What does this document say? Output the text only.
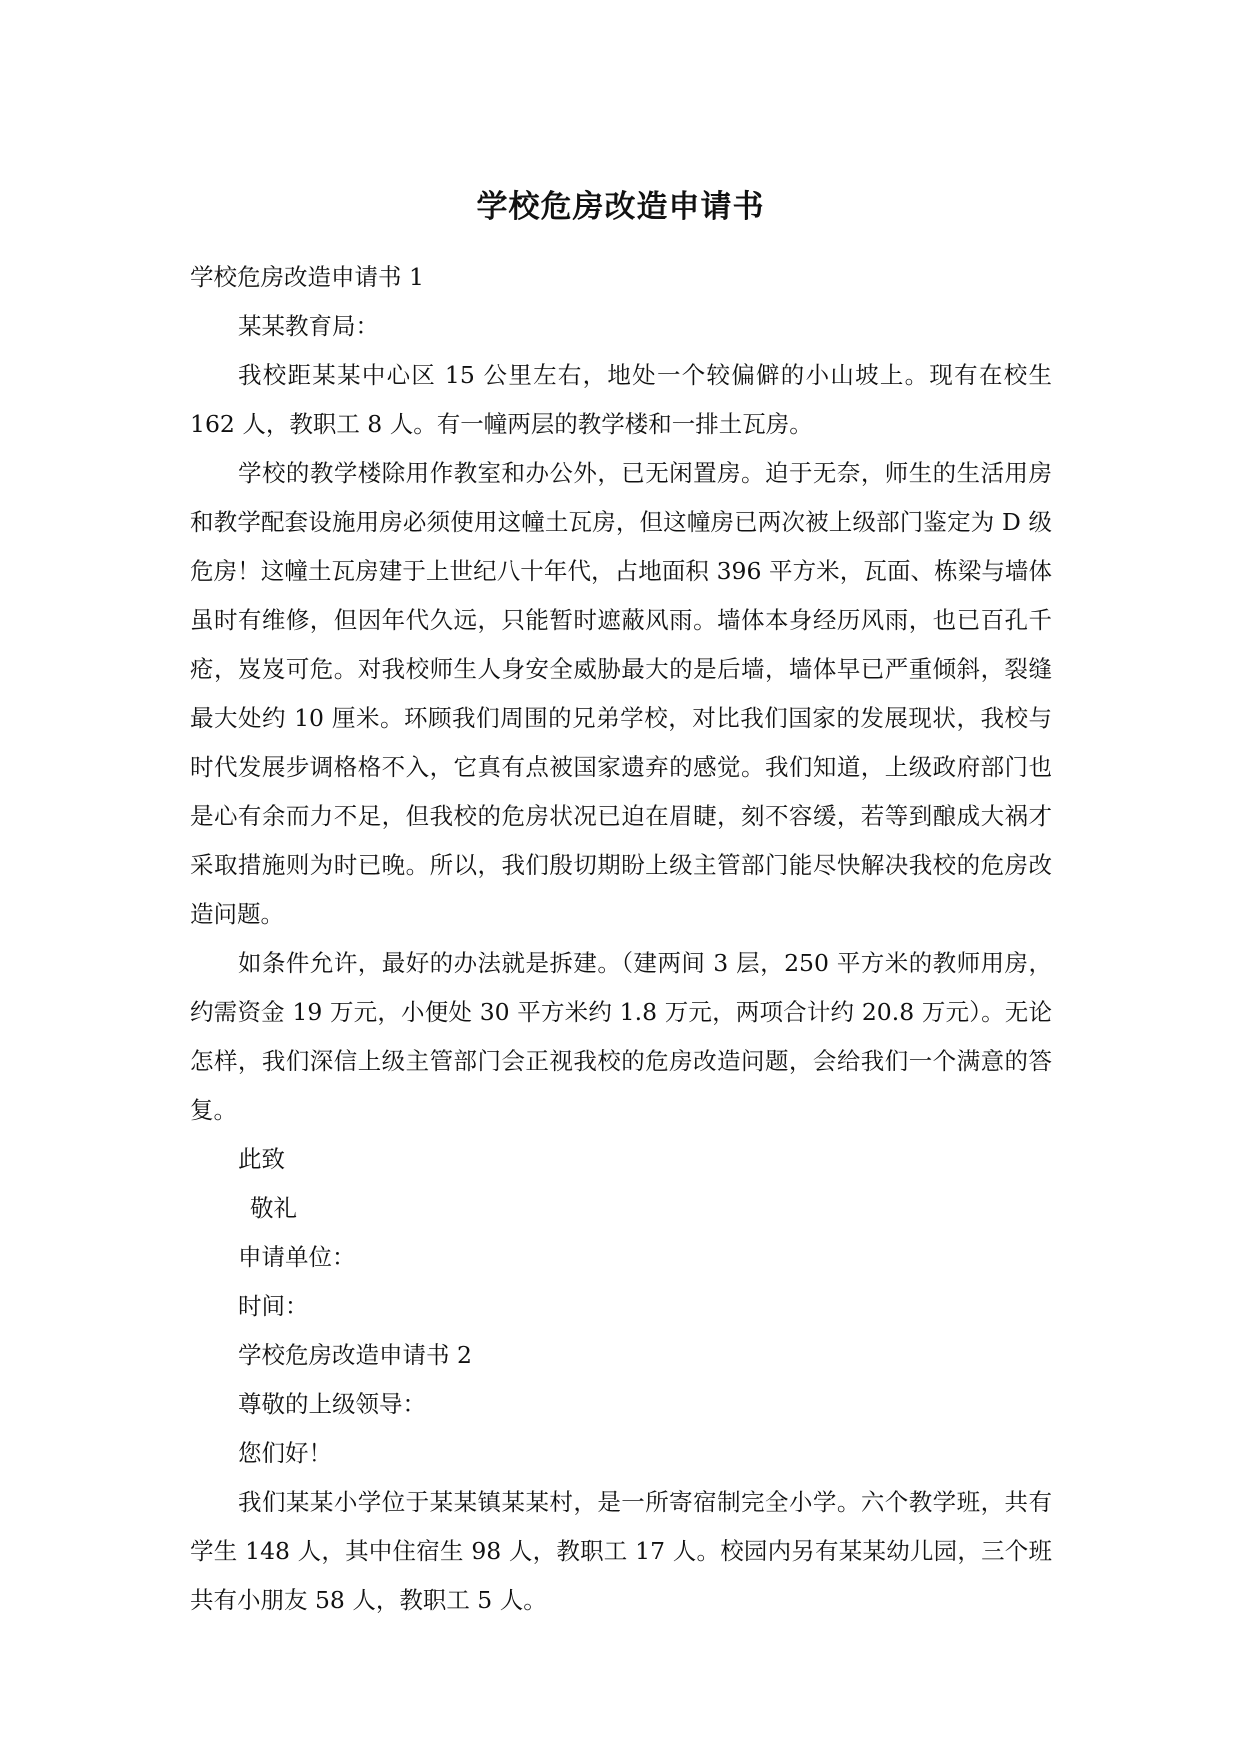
学校危房改造申请书

学校危房改造申请书 1

某某教育局：

我校距某某中心区 15 公里左右，地处一个较偏僻的小山坡上。现有在校生 162 人，教职工 8 人。有一幢两层的教学楼和一排土瓦房。

学校的教学楼除用作教室和办公外，已无闲置房。迫于无奈，师生的生活用房和教学配套设施用房必须使用这幢土瓦房，但这幢房已两次被上级部门鉴定为 D 级危房！这幢土瓦房建于上世纪八十年代，占地面积 396 平方米，瓦面、栋梁与墙体虽时有维修，但因年代久远，只能暂时遮蔽风雨。墙体本身经历风雨，也已百孔千疮，岌岌可危。对我校师生人身安全威胁最大的是后墙，墙体早已严重倾斜，裂缝最大处约 10 厘米。环顾我们周围的兄弟学校，对比我们国家的发展现状，我校与时代发展步调格格不入，它真有点被国家遗弃的感觉。我们知道，上级政府部门也是心有余而力不足，但我校的危房状况已迫在眉睫，刻不容缓，若等到酿成大祸才采取措施则为时已晚。所以，我们殷切期盼上级主管部门能尽快解决我校的危房改造问题。

如条件允许，最好的办法就是拆建。（建两间 3 层，250 平方米的教师用房，约需资金 19 万元，小便处 30 平方米约 1.8 万元，两项合计约 20.8 万元）。无论怎样，我们深信上级主管部门会正视我校的危房改造问题，会给我们一个满意的答复。

此致

敬礼

申请单位：

时间：

学校危房改造申请书 2

尊敬的上级领导：

您们好！

我们某某小学位于某某镇某某村，是一所寄宿制完全小学。六个教学班，共有学生 148 人，其中住宿生 98 人，教职工 17 人。校园内另有某某幼儿园，三个班共有小朋友 58 人，教职工 5 人。
